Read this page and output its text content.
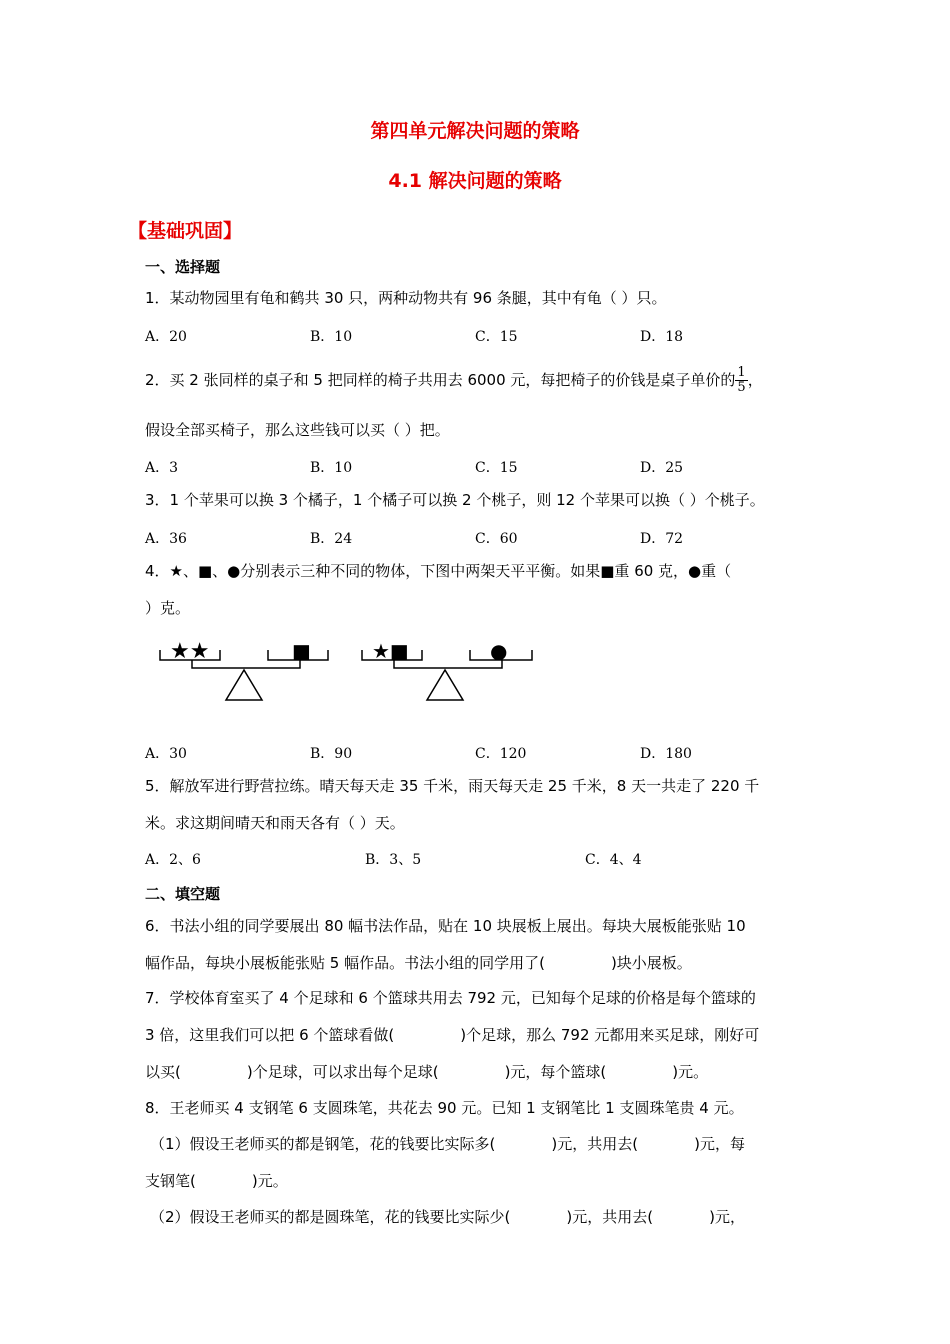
第四单元解决问题的策略
4.1 解决问题的策略
【基础巩固】
一、选择题
1．某动物园里有龟和鹤共 30 只，两种动物共有 96 条腿，其中有龟（ ）只。
A．20	B．10	C．15	D．18
2．买 2 张同样的桌子和 5 把同样的椅子共用去 6000 元，每把椅子的价钱是桌子单价的 $\frac{1}{5}$ ，
假设全部买椅子，那么这些钱可以买（ ）把。
A．3	B．10	C．15	D．25
3．1 个苹果可以换 3 个橘子，1 个橘子可以换 2 个桃子，则 12 个苹果可以换（ ）个桃子。
A．36	B．24	C．60	D．72
4．★、■、●分别表示三种不同的物体，下图中两架天平平衡。如果■重 60 克，●重（
）克。
★★	■	★■	●
A．30	B．90	C．120	D．180
5．解放军进行野营拉练。晴天每天走 35 千米，雨天每天走 25 千米，8 天一共走了 220 千
米。求这期间晴天和雨天各有（ ）天。
A．2、6	B．3、5	C．4、4
二、填空题
6．书法小组的同学要展出 80 幅书法作品，贴在 10 块展板上展出。每块大展板能张贴 10
幅作品，每块小展板能张贴 5 幅作品。书法小组的同学用了(	)块小展板。
7．学校体育室买了 4 个足球和 6 个篮球共用去 792 元，已知每个足球的价格是每个篮球的
3 倍，这里我们可以把 6 个篮球看做(	)个足球，那么 792 元都用来买足球，刚好可
以买(	)个足球，可以求出每个足球(	)元，每个篮球(	)元。
8．王老师买 4 支钢笔 6 支圆珠笔，共花去 90 元。已知 1 支钢笔比 1 支圆珠笔贵 4 元。
（1）假设王老师买的都是钢笔，花的钱要比实际多(	)元，共用去(	)元，每
支钢笔(	)元。
（2）假设王老师买的都是圆珠笔，花的钱要比实际少(	)元，共用去(	)元，
